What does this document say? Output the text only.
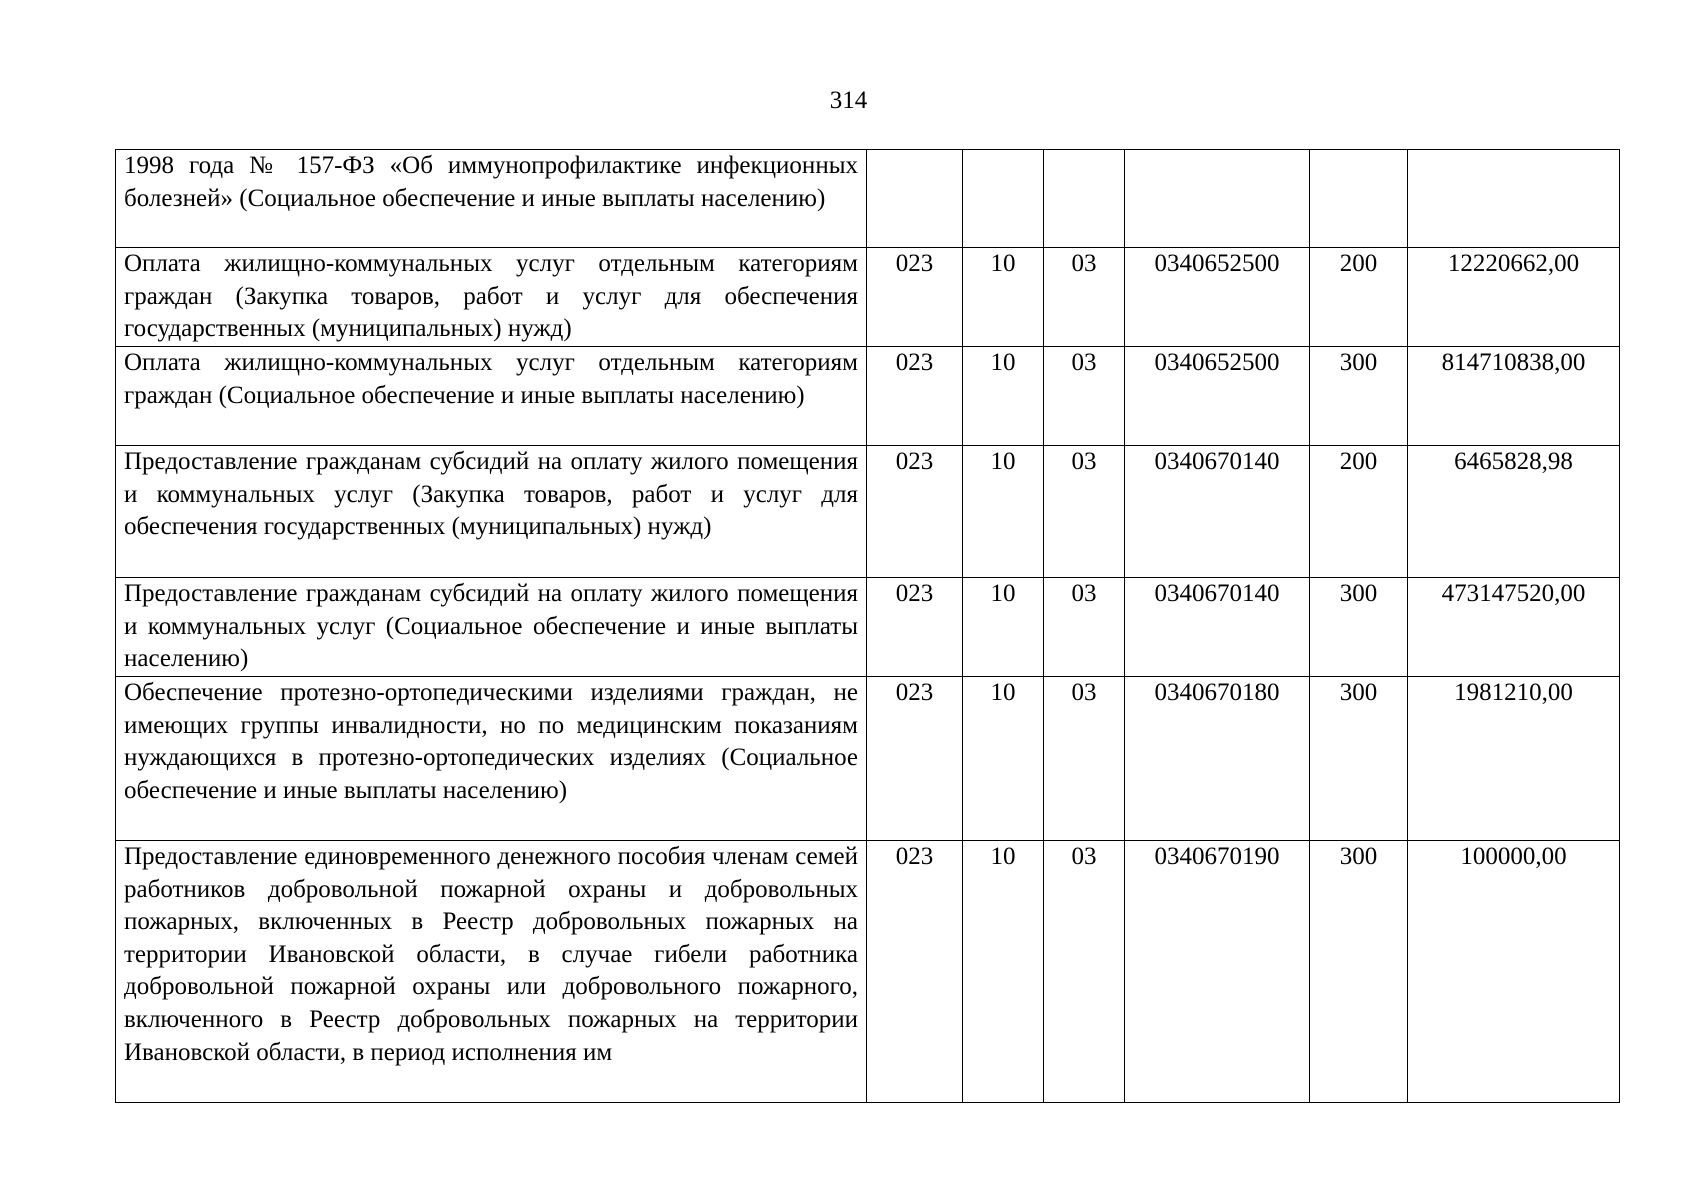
314
1998 года № 157-ФЗ «Об иммунопрофилактике инфекционных болезней» (Социальное обеспечение и иные выплаты населению)						
Оплата жилищно-коммунальных услуг отдельным категориям граждан (Закупка товаров, работ и услуг для обеспечения государственных (муниципальных) нужд)	023	10	03	0340652500	200	12220662,00
Оплата жилищно-коммунальных услуг отдельным категориям граждан (Социальное обеспечение и иные выплаты населению)	023	10	03	0340652500	300	814710838,00
Предоставление гражданам субсидий на оплату жилого помещения и коммунальных услуг (Закупка товаров, работ и услуг для обеспечения государственных (муниципальных) нужд)	023	10	03	0340670140	200	6465828,98
Предоставление гражданам субсидий на оплату жилого помещения и коммунальных услуг (Социальное обеспечение и иные выплаты населению)	023	10	03	0340670140	300	473147520,00
Обеспечение протезно-ортопедическими изделиями граждан, не имеющих группы инвалидности, но по медицинским показаниям нуждающихся в протезно-ортопедических изделиях (Социальное обеспечение и иные выплаты населению)	023	10	03	0340670180	300	1981210,00
Предоставление единовременного денежного пособия членам семей работников добровольной пожарной охраны и добровольных пожарных, включенных в Реестр добровольных пожарных на территории Ивановской области, в случае гибели работника добровольной пожарной охраны или добровольного пожарного, включенного в Реестр добровольных пожарных на территории Ивановской области, в период исполнения им	023	10	03	0340670190	300	100000,00
